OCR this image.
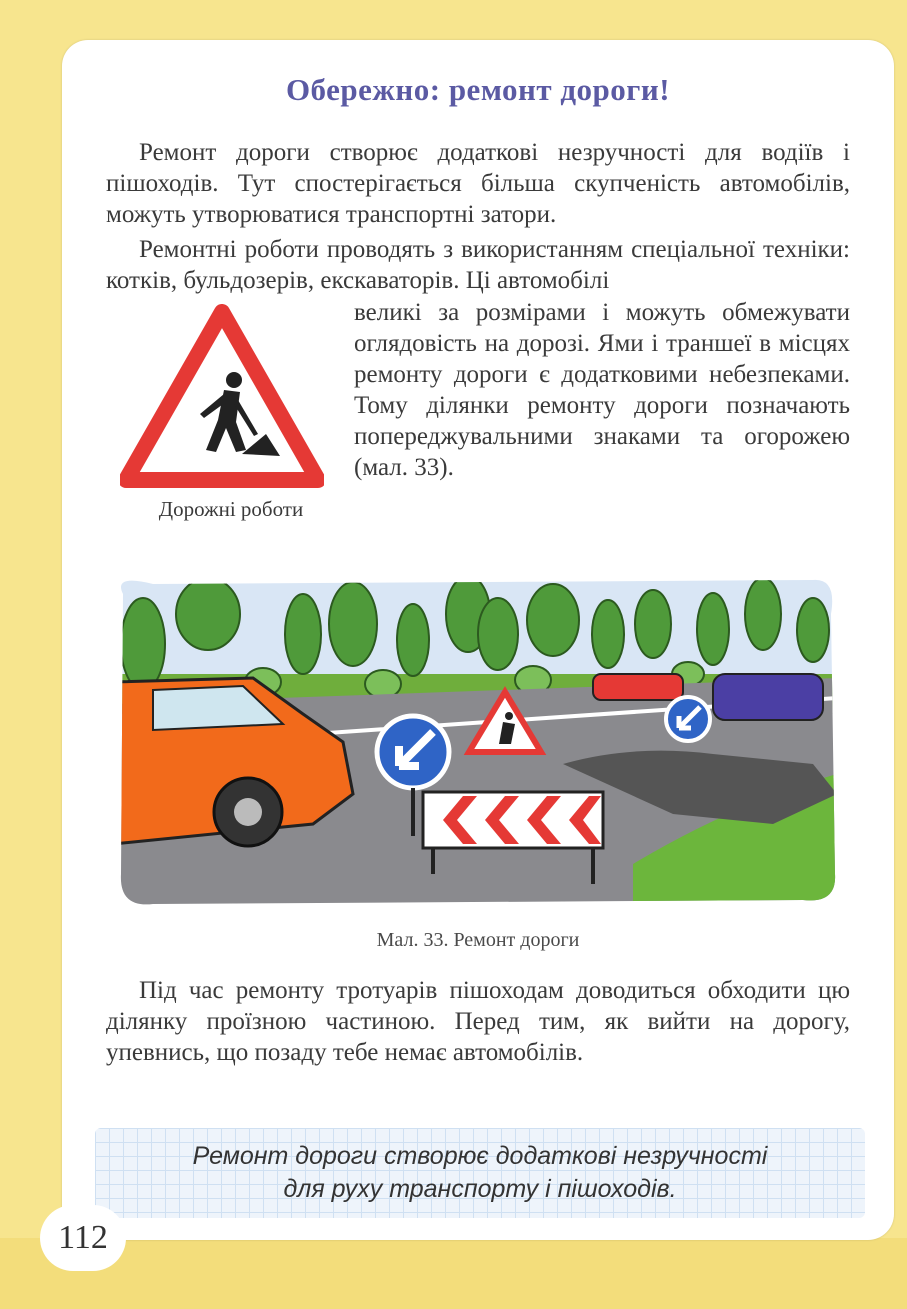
Обережно: ремонт дороги!

Ремонт дороги створює додаткові незручності для водіїв і пішоходів. Тут спостерігається більша скупченість автомобілів, можуть утворюватися транспортні затори.

Ремонтні роботи проводять з використанням спеціальної техніки: котків, бульдозерів, екскаваторів. Ці автомобілі

великі за розмірами і можуть обмежувати оглядовість на дорозі. Ями і траншеї в місцях ремонту дороги є додатковими небезпеками. Тому ділянки ремонту дороги позначають попереджувальними знаками та огорожею (мал. 33).

Дорожні роботи
Мал. 33. Ремонт дороги

Під час ремонту тротуарів пішоходам доводиться обходити цю ділянку проїзною частиною. Перед тим, як вийти на дорогу, упевнись, що позаду тебе немає автомобілів.

Ремонт дороги створює додаткові незручності
для руху транспорту і пішоходів.
112
